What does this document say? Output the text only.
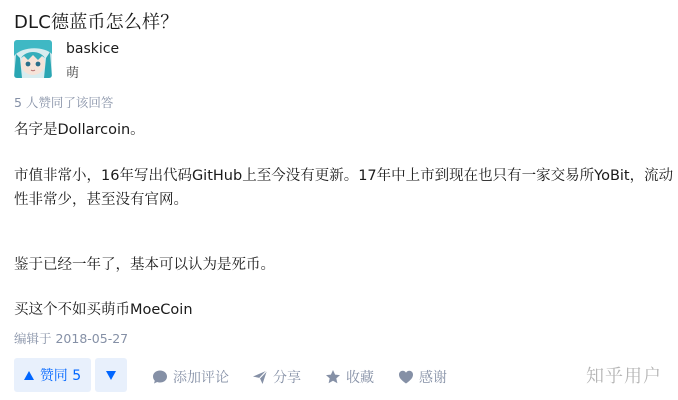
DLC德蓝币怎么样？
baskice
萌
5 人赞同了该回答
名字是Dollarcoin。
市值非常小，16年写出代码GitHub上至今没有更新。17年中上市到现在也只有一家交易所YoBit，流动性非常少，甚至没有官网。
鉴于已经一年了，基本可以认为是死币。
买这个不如买萌币MoeCoin
编辑于 2018-05-27
赞同 5	添加评论	分享	收藏	感谢	知乎用户
